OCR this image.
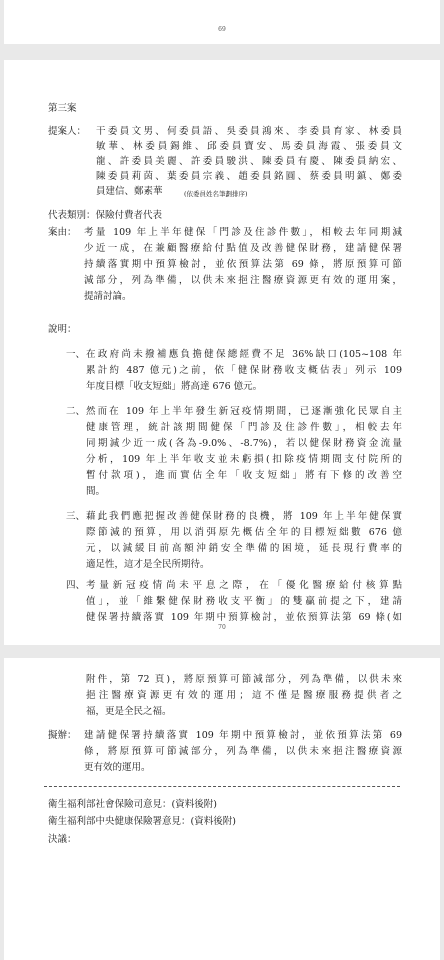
69
第三案
提案人： 干委員文男、何委員語、吳委員鴻來、李委員育家、林委員
敏華、林委員錫維、邱委員寶安、馬委員海霞、張委員文
龍、許委員美麗、許委員駿洪、陳委員有慶、陳委員納宏、
陳委員莉茵、葉委員宗義、趙委員銘圓、蔡委員明鎮、鄭委
員建信、鄭素華	(依委員姓名筆劃排序)
代表類別：保險付費者代表
案由： 考量 109 年上半年健保「門診及住診件數」，相較去年同期減
少近一成，在兼顧醫療給付點值及改善健保財務，建請健保署
持續落實期中預算檢討，並依預算法第 69 條，將原預算可節
減部分，列為準備，以供未來挹注醫療資源更有效的運用案，
提請討論。
說明：
一、 在政府尚未撥補應負擔健保總經費不足 36%缺口(105~108 年
累計約 487 億元)之前，依「健保財務收支概估表」列示 109
年度目標「收支短絀」將高達 676 億元。
二、 然而在 109 年上半年發生新冠疫情期間，已逐漸強化民眾自主
健康管理，統計該期間健保「門診及住診件數」，相較去年
同期減少近一成(各為-9.0%、-8.7%)，若以健保財務資金流量
分析，109 年上半年收支並未虧損(扣除疫情期間支付院所的
暫付款項)，進而實估全年「收支短絀」將有下修的改善空
間。
三、 藉此我們應把握改善健保財務的良機，將 109 年上半年健保實
際節減的預算，用以消弭原先概估全年的目標短絀數 676 億
元，以減緩目前高額沖銷安全準備的困境，延長現行費率的
適足性，這才是全民所期待。
四、 考量新冠疫情尚未平息之際，在「優化醫療給付核算點
值」，並「維繫健保財務收支平衡」的雙贏前提之下，建請
健保署持續落實 109 年期中預算檢討，並依預算法第 69 條(如
70
附件，第 72 頁)，將原預算可節減部分，列為準備，以供未來
挹注醫療資源更有效的運用；這不僅是醫療服務提供者之
福，更是全民之福。
擬辦： 建請健保署持續落實 109 年期中預算檢討，並依預算法第 69
條，將原預算可節減部分，列為準備，以供未來挹注醫療資源
更有效的運用。
衛生福利部社會保險司意見：(資料後附)
衛生福利部中央健康保險署意見：(資料後附)
決議：
